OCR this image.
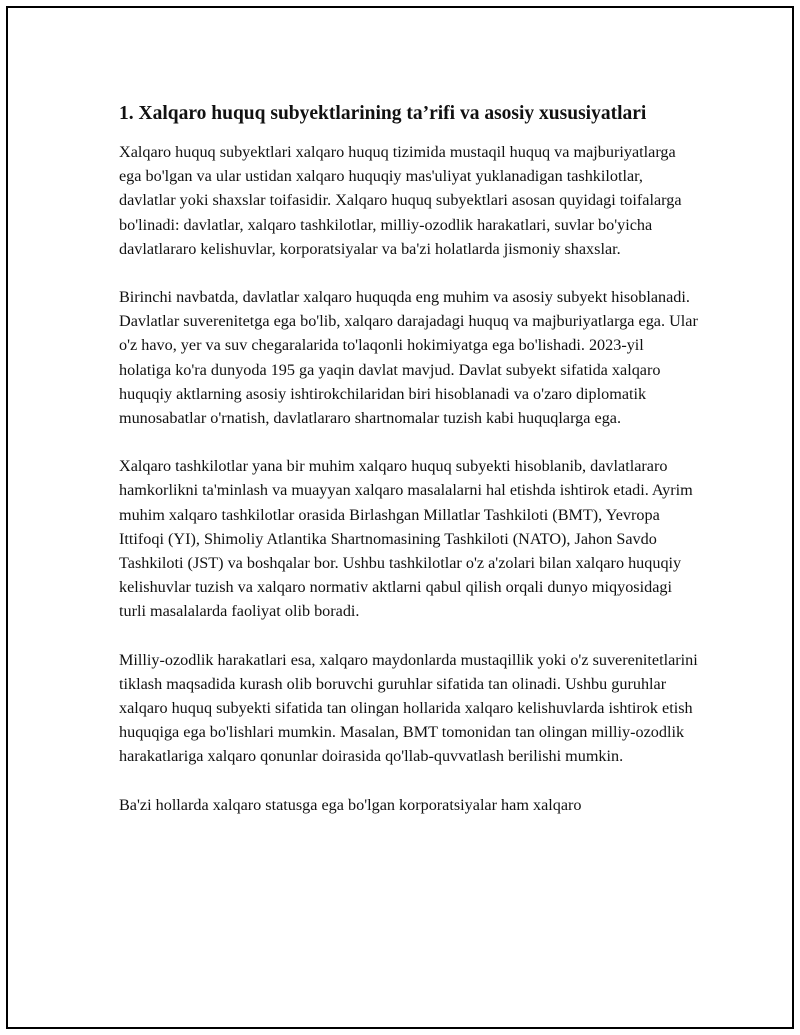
1. Xalqaro huquq subyektlarining ta’rifi va asosiy xususiyatlari

Xalqaro huquq subyektlari xalqaro huquq tizimida mustaqil huquq va majburiyatlarga ega bo'lgan va ular ustidan xalqaro huquqiy mas'uliyat yuklanadigan tashkilotlar, davlatlar yoki shaxslar toifasidir. Xalqaro huquq subyektlari asosan quyidagi toifalarga bo'linadi: davlatlar, xalqaro tashkilotlar, milliy-ozodlik harakatlari, suvlar bo'yicha davlatlararo kelishuvlar, korporatsiyalar va ba'zi holatlarda jismoniy shaxslar.

Birinchi navbatda, davlatlar xalqaro huquqda eng muhim va asosiy subyekt hisoblanadi. Davlatlar suverenitetga ega bo'lib, xalqaro darajadagi huquq va majburiyatlarga ega. Ular o'z havo, yer va suv chegaralarida to'laqonli hokimiyatga ega bo'lishadi. 2023-yil holatiga ko'ra dunyoda 195 ga yaqin davlat mavjud. Davlat subyekt sifatida xalqaro huquqiy aktlarning asosiy ishtirokchilaridan biri hisoblanadi va o'zaro diplomatik munosabatlar o'rnatish, davlatlararo shartnomalar tuzish kabi huquqlarga ega.

Xalqaro tashkilotlar yana bir muhim xalqaro huquq subyekti hisoblanib, davlatlararo hamkorlikni ta'minlash va muayyan xalqaro masalalarni hal etishda ishtirok etadi. Ayrim muhim xalqaro tashkilotlar orasida Birlashgan Millatlar Tashkiloti (BMT), Yevropa Ittifoqi (YI), Shimoliy Atlantika Shartnomasining Tashkiloti (NATO), Jahon Savdo Tashkiloti (JST) va boshqalar bor. Ushbu tashkilotlar o'z a'zolari bilan xalqaro huquqiy kelishuvlar tuzish va xalqaro normativ aktlarni qabul qilish orqali dunyo miqyosidagi turli masalalarda faoliyat olib boradi.

Milliy-ozodlik harakatlari esa, xalqaro maydonlarda mustaqillik yoki o'z suverenitetlarini tiklash maqsadida kurash olib boruvchi guruhlar sifatida tan olinadi. Ushbu guruhlar xalqaro huquq subyekti sifatida tan olingan hollarida xalqaro kelishuvlarda ishtirok etish huquqiga ega bo'lishlari mumkin. Masalan, BMT tomonidan tan olingan milliy-ozodlik harakatlariga xalqaro qonunlar doirasida qo'llab-quvvatlash berilishi mumkin.

Ba'zi hollarda xalqaro statusga ega bo'lgan korporatsiyalar ham xalqaro
